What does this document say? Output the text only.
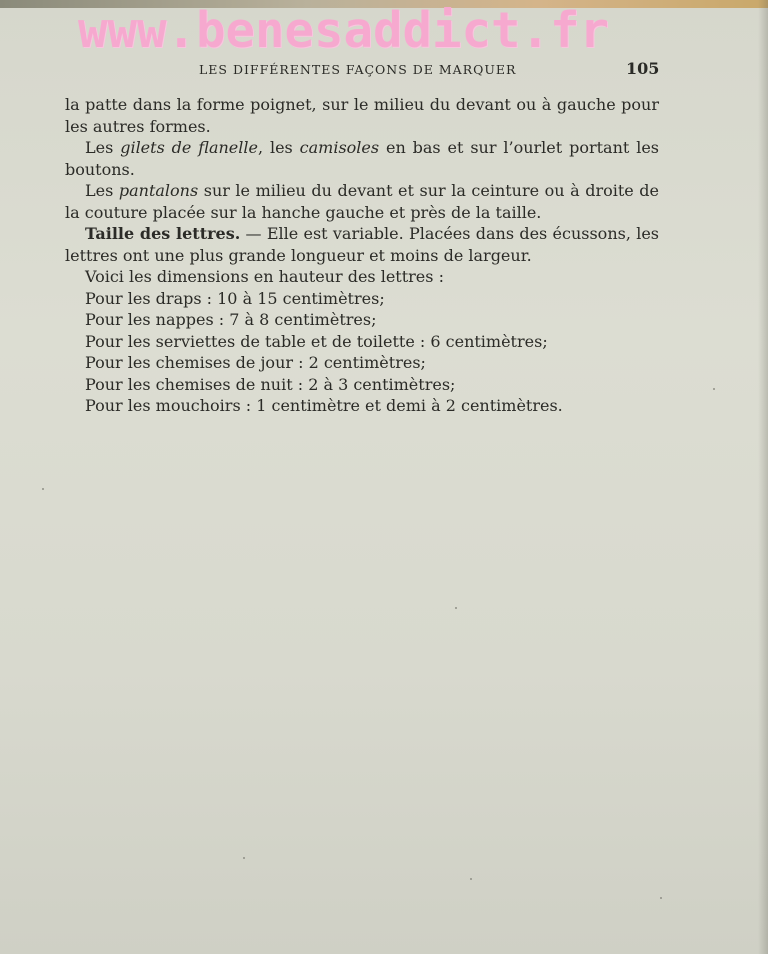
www.benesaddict.fr
LES DIFFÉRENTES FAÇONS DE MARQUER	105
la patte dans la forme poignet, sur le milieu du devant ou à gauche pour
les autres formes.
Les gilets de flanelle, les camisoles en bas et sur l’ourlet portant les
boutons.
Les pantalons sur le milieu du devant et sur la ceinture ou à droite de
la couture placée sur la hanche gauche et près de la taille.
Taille des lettres. — Elle est variable. Placées dans des écussons, les
lettres ont une plus grande longueur et moins de largeur.
Voici les dimensions en hauteur des lettres :
Pour les draps : 10 à 15 centimètres;
Pour les nappes : 7 à 8 centimètres;
Pour les serviettes de table et de toilette : 6 centimètres;
Pour les chemises de jour : 2 centimètres;
Pour les chemises de nuit : 2 à 3 centimètres;
Pour les mouchoirs : 1 centimètre et demi à 2 centimètres.
